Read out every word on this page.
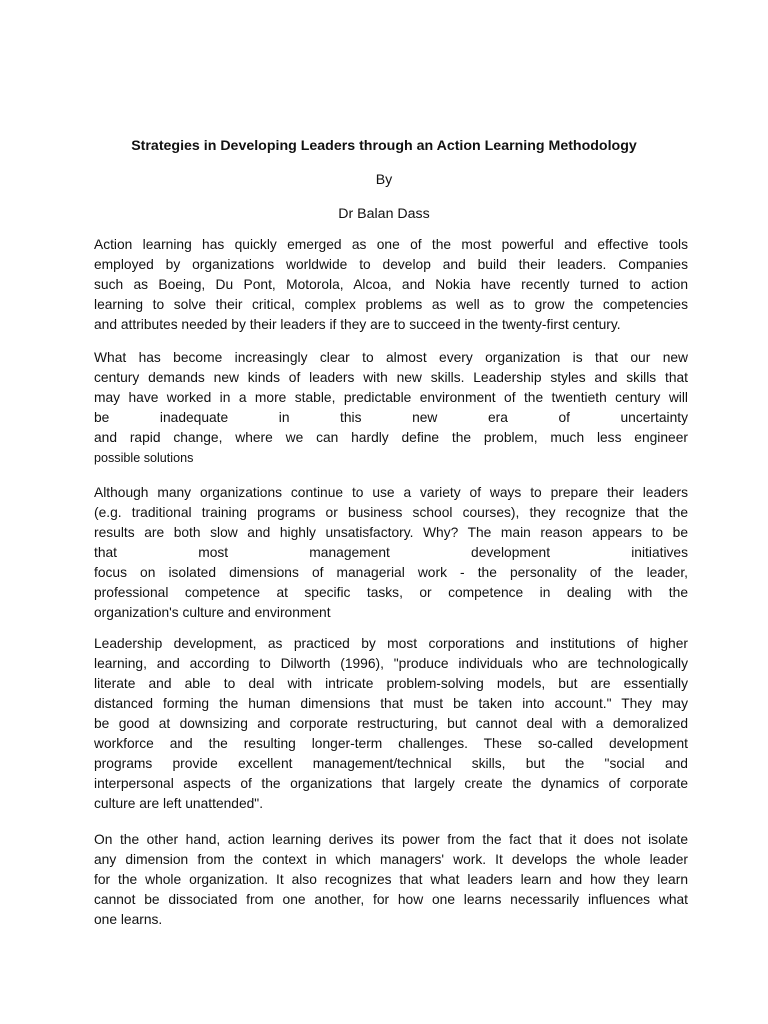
Strategies in Developing Leaders through an Action Learning Methodology
By
Dr Balan Dass
Action learning has quickly emerged as one of the most powerful and effective tools
employed by organizations worldwide to develop and build their leaders. Companies
such as Boeing, Du Pont, Motorola, Alcoa, and Nokia have recently turned to action
learning to solve their critical, complex problems as well as to grow the competencies
and attributes needed by their leaders if they are to succeed in the twenty-first century.
What has become increasingly clear to almost every organization is that our new
century demands new kinds of leaders with new skills. Leadership styles and skills that
may have worked in a more stable, predictable environment of the twentieth century will
be inadequate in this new era of uncertainty
and rapid change, where we can hardly define the problem, much less engineer
possible solutions
Although many organizations continue to use a variety of ways to prepare their leaders
(e.g. traditional training programs or business school courses), they recognize that the
results are both slow and highly unsatisfactory. Why? The main reason appears to be
that most management development initiatives
focus on isolated dimensions of managerial work - the personality of the leader,
professional competence at specific tasks, or competence in dealing with the
organization's culture and environment
Leadership development, as practiced by most corporations and institutions of higher
learning, and according to Dilworth (1996), "produce individuals who are technologically
literate and able to deal with intricate problem-solving models, but are essentially
distanced forming the human dimensions that must be taken into account." They may
be good at downsizing and corporate restructuring, but cannot deal with a demoralized
workforce and the resulting longer-term challenges. These so-called development
programs provide excellent management/technical skills, but the "social and
interpersonal aspects of the organizations that largely create the dynamics of corporate
culture are left unattended".
On the other hand, action learning derives its power from the fact that it does not isolate
any dimension from the context in which managers' work. It develops the whole leader
for the whole organization. It also recognizes that what leaders learn and how they learn
cannot be dissociated from one another, for how one learns necessarily influences what
one learns.
